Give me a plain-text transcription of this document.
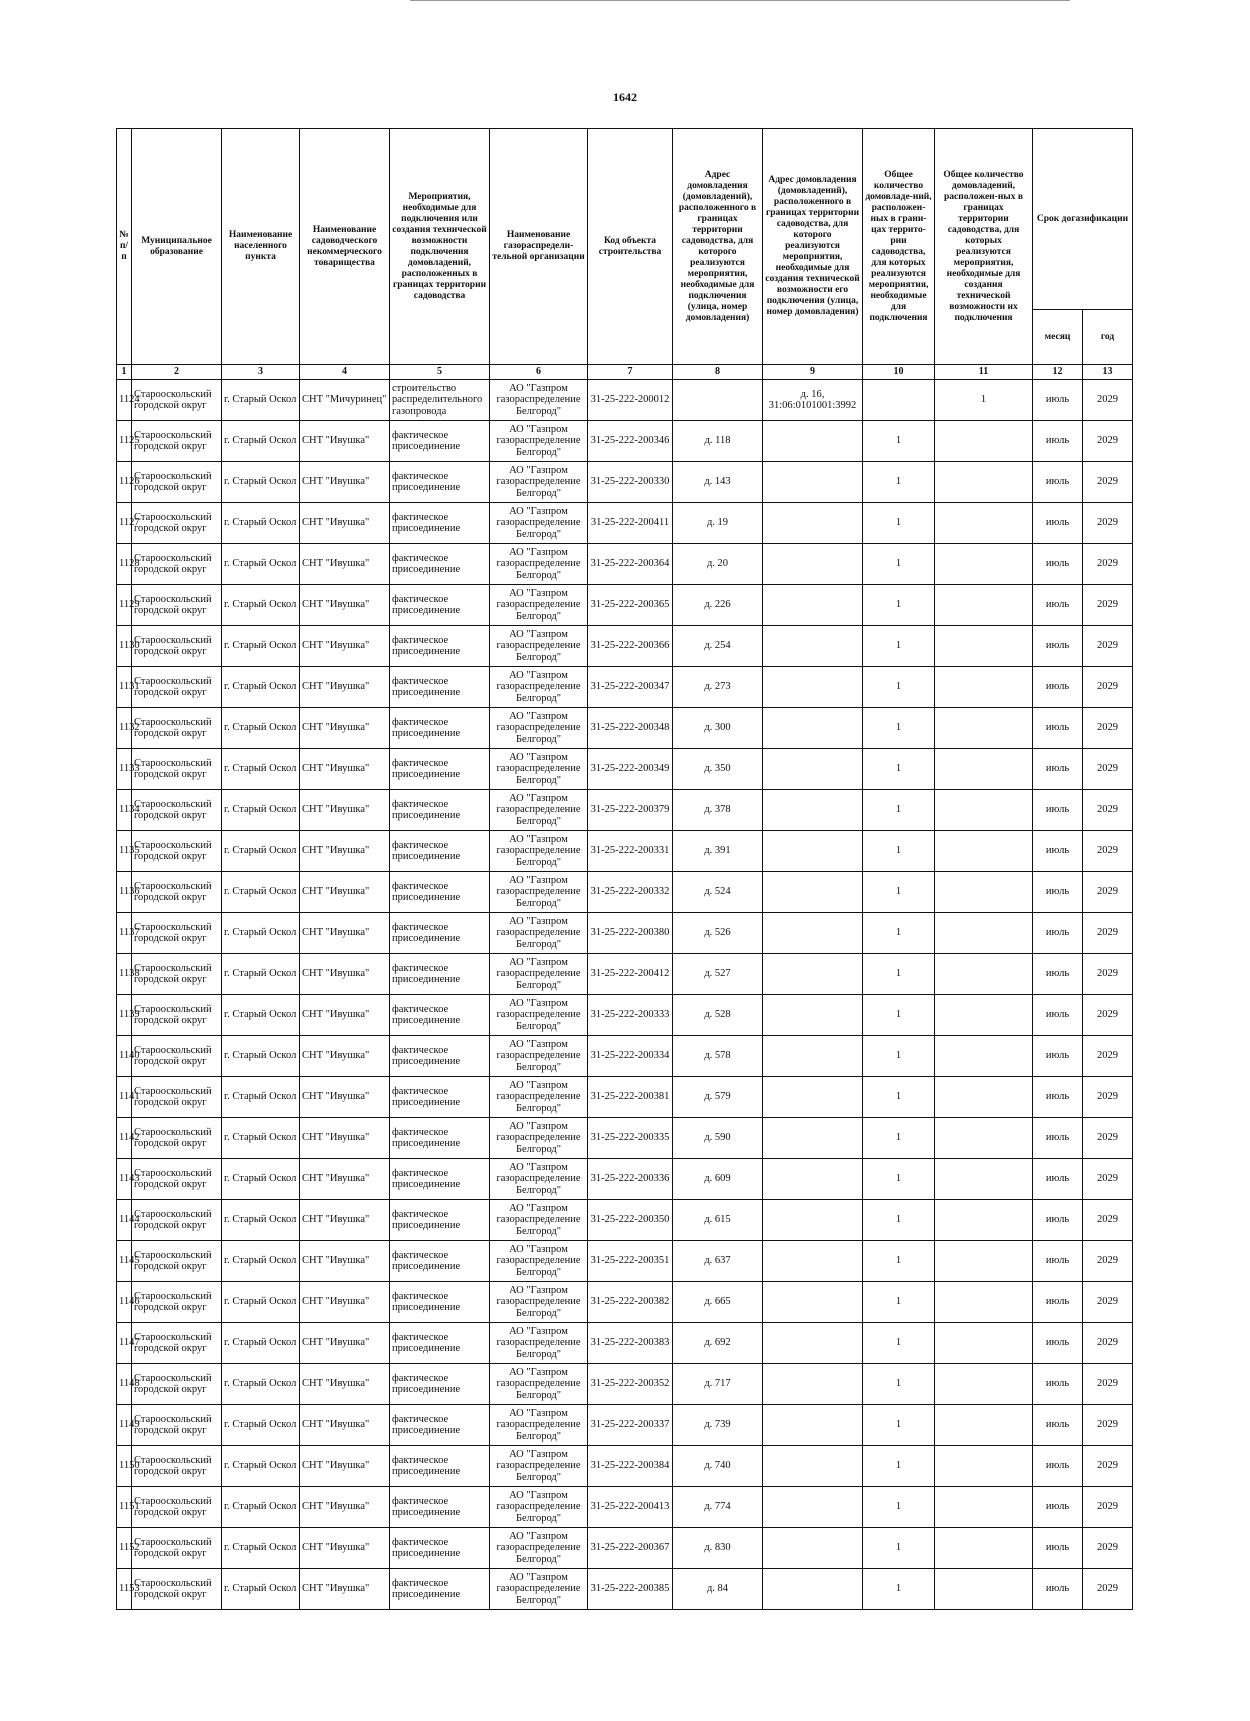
1642
№ п/п	Муниципальное образование	Наименование населенного пункта	Наименование садоводческого некоммерческого товарищества	Мероприятия, необходимые для подключения или создания технической возможности подключения домовладений, расположенных в границах территории садоводства	Наименование газораспредели-тельной организации	Код объекта строительства	Адрес домовладения (домовладений), расположенного в границах территории садоводства, для которого реализуются мероприятия, необходимые для подключения (улица, номер домовладения)	Адрес домовладения (домовладений), расположенного в границах территории садоводства, для которого реализуются мероприятия, необходимые для создания технической возможности его подключения (улица, номер домовладения)	Общее количество домовладе-ний, расположен-ных в грани-цах террито-рии садоводства, для которых реализуются мероприятия, необходимые для подключения	Общее количество домовладений, расположен-ных в границах территории садоводства, для которых реализуются мероприятия, необходимые для создания технической возможности их подключения	Срок догазификации	
											месяц	год
1	2	3	4	5	6	7	8	9	10	11	12	13
1124	Старооскольский городской округ	г. Старый Оскол	СНТ "Мичуринец"	строительство распределительного газопровода	АО "Газпром газораспределение Белгород"	31-25-222-200012		д. 16, 31:06:0101001:3992		1	июль	2029
1125	Старооскольский городской округ	г. Старый Оскол	СНТ "Ивушка"	фактическое присоединение	АО "Газпром газораспределение Белгород"	31-25-222-200346	д. 118		1		июль	2029
1126	Старооскольский городской округ	г. Старый Оскол	СНТ "Ивушка"	фактическое присоединение	АО "Газпром газораспределение Белгород"	31-25-222-200330	д. 143		1		июль	2029
1127	Старооскольский городской округ	г. Старый Оскол	СНТ "Ивушка"	фактическое присоединение	АО "Газпром газораспределение Белгород"	31-25-222-200411	д. 19		1		июль	2029
1128	Старооскольский городской округ	г. Старый Оскол	СНТ "Ивушка"	фактическое присоединение	АО "Газпром газораспределение Белгород"	31-25-222-200364	д. 20		1		июль	2029
1129	Старооскольский городской округ	г. Старый Оскол	СНТ "Ивушка"	фактическое присоединение	АО "Газпром газораспределение Белгород"	31-25-222-200365	д. 226		1		июль	2029
1130	Старооскольский городской округ	г. Старый Оскол	СНТ "Ивушка"	фактическое присоединение	АО "Газпром газораспределение Белгород"	31-25-222-200366	д. 254		1		июль	2029
1131	Старооскольский городской округ	г. Старый Оскол	СНТ "Ивушка"	фактическое присоединение	АО "Газпром газораспределение Белгород"	31-25-222-200347	д. 273		1		июль	2029
1132	Старооскольский городской округ	г. Старый Оскол	СНТ "Ивушка"	фактическое присоединение	АО "Газпром газораспределение Белгород"	31-25-222-200348	д. 300		1		июль	2029
1133	Старооскольский городской округ	г. Старый Оскол	СНТ "Ивушка"	фактическое присоединение	АО "Газпром газораспределение Белгород"	31-25-222-200349	д. 350		1		июль	2029
1134	Старооскольский городской округ	г. Старый Оскол	СНТ "Ивушка"	фактическое присоединение	АО "Газпром газораспределение Белгород"	31-25-222-200379	д. 378		1		июль	2029
1135	Старооскольский городской округ	г. Старый Оскол	СНТ "Ивушка"	фактическое присоединение	АО "Газпром газораспределение Белгород"	31-25-222-200331	д. 391		1		июль	2029
1136	Старооскольский городской округ	г. Старый Оскол	СНТ "Ивушка"	фактическое присоединение	АО "Газпром газораспределение Белгород"	31-25-222-200332	д. 524		1		июль	2029
1137	Старооскольский городской округ	г. Старый Оскол	СНТ "Ивушка"	фактическое присоединение	АО "Газпром газораспределение Белгород"	31-25-222-200380	д. 526		1		июль	2029
1138	Старооскольский городской округ	г. Старый Оскол	СНТ "Ивушка"	фактическое присоединение	АО "Газпром газораспределение Белгород"	31-25-222-200412	д. 527		1		июль	2029
1139	Старооскольский городской округ	г. Старый Оскол	СНТ "Ивушка"	фактическое присоединение	АО "Газпром газораспределение Белгород"	31-25-222-200333	д. 528		1		июль	2029
1140	Старооскольский городской округ	г. Старый Оскол	СНТ "Ивушка"	фактическое присоединение	АО "Газпром газораспределение Белгород"	31-25-222-200334	д. 578		1		июль	2029
1141	Старооскольский городской округ	г. Старый Оскол	СНТ "Ивушка"	фактическое присоединение	АО "Газпром газораспределение Белгород"	31-25-222-200381	д. 579		1		июль	2029
1142	Старооскольский городской округ	г. Старый Оскол	СНТ "Ивушка"	фактическое присоединение	АО "Газпром газораспределение Белгород"	31-25-222-200335	д. 590		1		июль	2029
1143	Старооскольский городской округ	г. Старый Оскол	СНТ "Ивушка"	фактическое присоединение	АО "Газпром газораспределение Белгород"	31-25-222-200336	д. 609		1		июль	2029
1144	Старооскольский городской округ	г. Старый Оскол	СНТ "Ивушка"	фактическое присоединение	АО "Газпром газораспределение Белгород"	31-25-222-200350	д. 615		1		июль	2029
1145	Старооскольский городской округ	г. Старый Оскол	СНТ "Ивушка"	фактическое присоединение	АО "Газпром газораспределение Белгород"	31-25-222-200351	д. 637		1		июль	2029
1146	Старооскольский городской округ	г. Старый Оскол	СНТ "Ивушка"	фактическое присоединение	АО "Газпром газораспределение Белгород"	31-25-222-200382	д. 665		1		июль	2029
1147	Старооскольский городской округ	г. Старый Оскол	СНТ "Ивушка"	фактическое присоединение	АО "Газпром газораспределение Белгород"	31-25-222-200383	д. 692		1		июль	2029
1148	Старооскольский городской округ	г. Старый Оскол	СНТ "Ивушка"	фактическое присоединение	АО "Газпром газораспределение Белгород"	31-25-222-200352	д. 717		1		июль	2029
1149	Старооскольский городской округ	г. Старый Оскол	СНТ "Ивушка"	фактическое присоединение	АО "Газпром газораспределение Белгород"	31-25-222-200337	д. 739		1		июль	2029
1150	Старооскольский городской округ	г. Старый Оскол	СНТ "Ивушка"	фактическое присоединение	АО "Газпром газораспределение Белгород"	31-25-222-200384	д. 740		1		июль	2029
1151	Старооскольский городской округ	г. Старый Оскол	СНТ "Ивушка"	фактическое присоединение	АО "Газпром газораспределение Белгород"	31-25-222-200413	д. 774		1		июль	2029
1152	Старооскольский городской округ	г. Старый Оскол	СНТ "Ивушка"	фактическое присоединение	АО "Газпром газораспределение Белгород"	31-25-222-200367	д. 830		1		июль	2029
1153	Старооскольский городской округ	г. Старый Оскол	СНТ "Ивушка"	фактическое присоединение	АО "Газпром газораспределение Белгород"	31-25-222-200385	д. 84		1		июль	2029
